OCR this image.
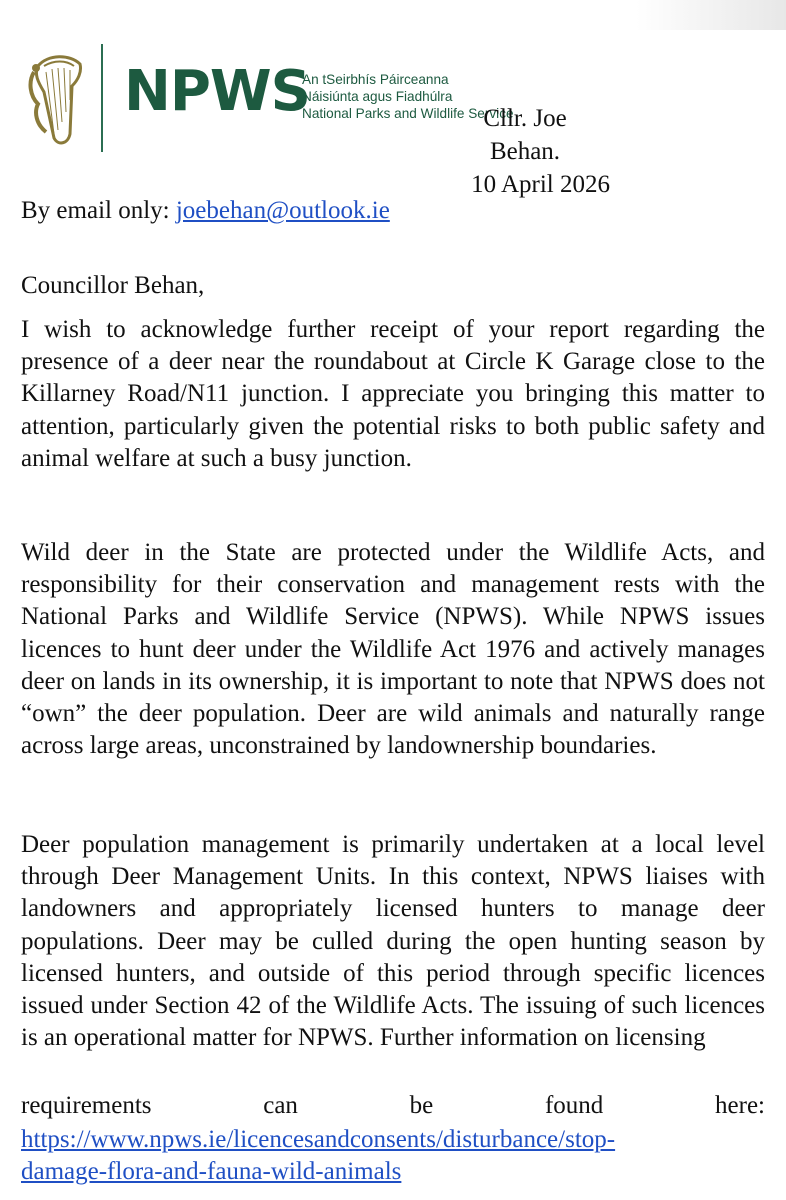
NPWS
An tSeirbhís Páirceanna
Náisiúnta agus Fiadhúlra
National Parks and Wildlife Service
Cllr. Joe
Behan.
10 April 2026
By email only: joebehan@outlook.ie
Councillor Behan,
I wish to acknowledge further receipt of your report regarding the presence of a deer near the roundabout at Circle K Garage close to the Killarney Road/N11 junction. I appreciate you bringing this matter to attention, particularly given the potential risks to both public safety and animal welfare at such a busy junction.
Wild deer in the State are protected under the Wildlife Acts, and responsibility for their conservation and management rests with the National Parks and Wildlife Service (NPWS). While NPWS issues licences to hunt deer under the Wildlife Act 1976 and actively manages deer on lands in its ownership, it is important to note that NPWS does not “own” the deer population. Deer are wild animals and naturally range across large areas, unconstrained by landownership boundaries.
Deer population management is primarily undertaken at a local level through Deer Management Units. In this context, NPWS liaises with landowners and appropriately licensed hunters to manage deer populations. Deer may be culled during the open hunting season by licensed hunters, and outside of this period through specific licences issued under Section 42 of the Wildlife Acts. The issuing of such licences is an operational matter for NPWS. Further information on licensing
requirements	can	be	found	here:
https://www.npws.ie/licencesandconsents/disturbance/stop-
damage-flora-and-fauna-wild-animals
